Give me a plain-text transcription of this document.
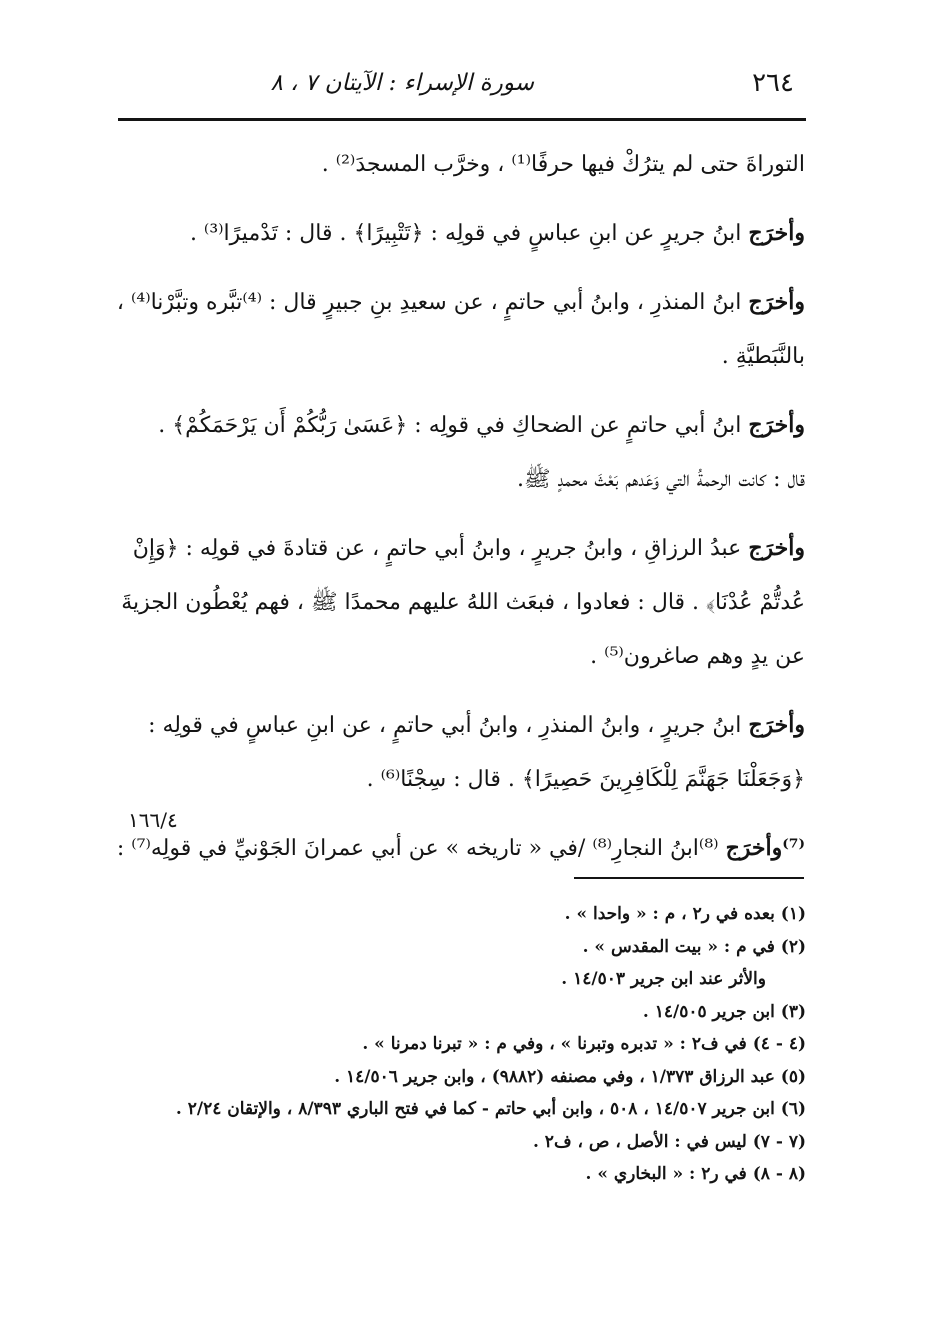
٢٦٤
سورة الإسراء : الآيتان ٧ ، ٨

التوراةَ حتى لم يترُكْ فيها حرفًا⁽¹⁾ ، وخرَّب المسجدَ⁽²⁾ .

وأخرَج ابنُ جريرٍ عن ابنِ عباسٍ في قولِه : ﴿تَتْبِيرًا﴾ . قال : تَدْميرًا⁽³⁾ .

وأخرَج ابنُ المنذرِ ، وابنُ أبي حاتمٍ ، عن سعيدِ بنِ جبيرٍ قال : ⁽⁴⁾تبَّره وتبَّرْنا⁽⁴⁾ ،

بالنَّبَطيَّةِ .

وأخرَج ابنُ أبي حاتمٍ عن الضحاكِ في قولِه : ﴿عَسَىٰ رَبُّكُمْ أَن يَرْحَمَكُمْ﴾ .

قال : كانت الرحمةُ التي وَعَدهم بَعْثَ محمدٍ ﷺ.

وأخرَج عبدُ الرزاقِ ، وابنُ جريرٍ ، وابنُ أبي حاتمٍ ، عن قتادةَ في قولِه : ﴿وَإِنْ

عُدتُّمْ عُدْنَا﴾ . قال : فعادوا ، فبعَث اللهُ عليهم محمدًا ﷺ ، فهم يُعْطُون الجزيةَ

عن يدٍ وهم صاغرون⁽⁵⁾ .

وأخرَج ابنُ جريرٍ ، وابنُ المنذرِ ، وابنُ أبي حاتمٍ ، عن ابنِ عباسٍ في قولِه :

﴿وَجَعَلْنَا جَهَنَّمَ لِلْكَافِرِينَ حَصِيرًا﴾ . قال : سِجْنًا⁽⁶⁾ .

⁽⁷⁾وأخرَج ⁽⁸⁾ابنُ النجارِ⁽⁸⁾ /في « تاريخه » عن أبي عمرانَ الجَوْنيِّ في قولِه⁽⁷⁾ :

١٦٦/٤

(١) بعده في ر٢ ، م : « واحدا » .

(٢) في م : « بيت المقدس » .

والأثر عند ابن جرير ١٤/٥٠٣ .

(٣) ابن جرير ١٤/٥٠٥ .

(٤ - ٤) في ف٢ : « تدبره وتبرنا » ، وفي م : « تبرنا دمرنا » .

(٥) عبد الرزاق ١/٣٧٣ ، وفي مصنفه (٩٨٨٢) ، وابن جرير ١٤/٥٠٦ .

(٦) ابن جرير ١٤/٥٠٧ ، ٥٠٨ ، وابن أبي حاتم - كما في فتح الباري ٨/٣٩٣ ، والإتقان ٢/٢٤ .

(٧ - ٧) ليس في : الأصل ، ص ، ف٢ .

(٨ - ٨) في ر٢ : « البخاري » .
